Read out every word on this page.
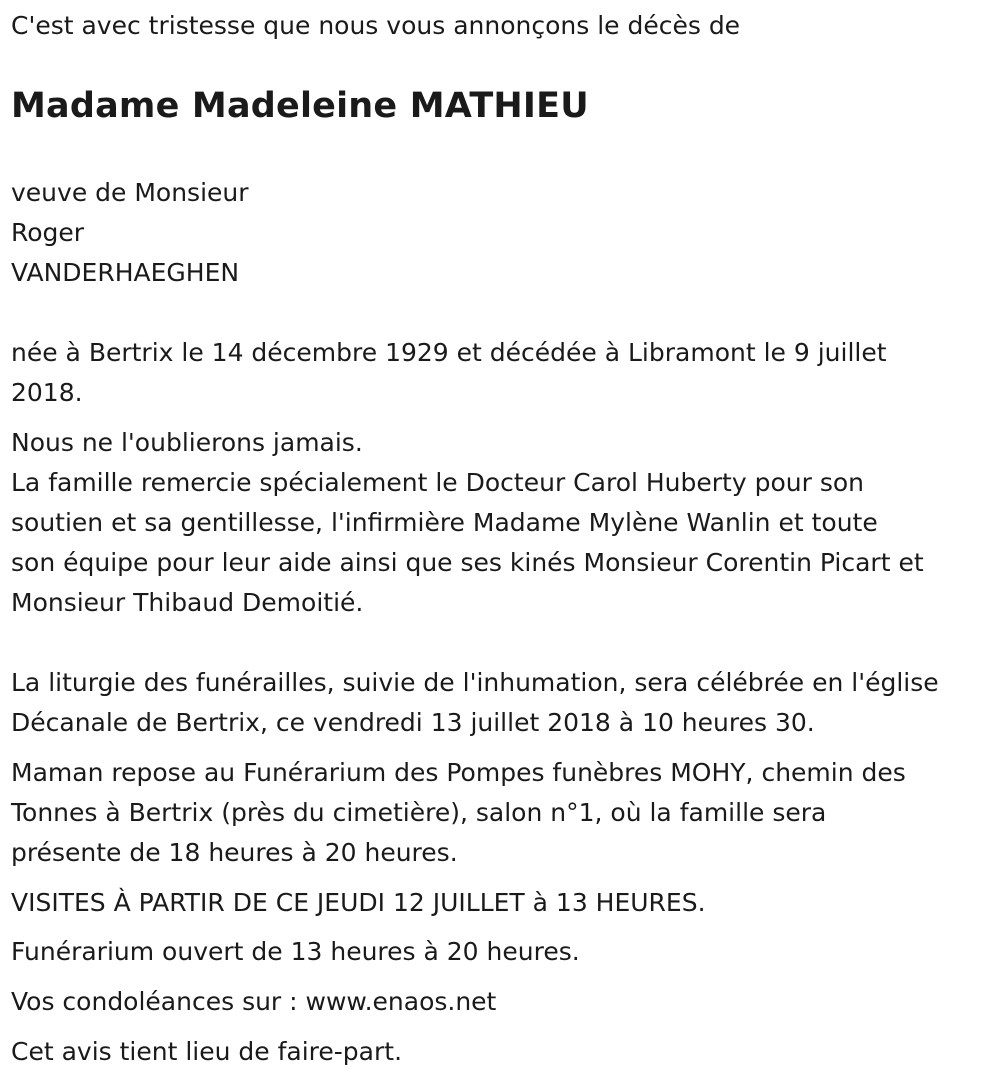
C'est avec tristesse que nous vous annonçons le décès de
Madame Madeleine MATHIEU
veuve de Monsieur
Roger
VANDERHAEGHEN
née à Bertrix le 14 décembre 1929 et décédée à Libramont le 9 juillet
2018.
Nous ne l'oublierons jamais.
La famille remercie spécialement le Docteur Carol Huberty pour son
soutien et sa gentillesse, l'infirmière Madame Mylène Wanlin et toute
son équipe pour leur aide ainsi que ses kinés Monsieur Corentin Picart et
Monsieur Thibaud Demoitié.
La liturgie des funérailles, suivie de l'inhumation, sera célébrée en l'église
Décanale de Bertrix, ce vendredi 13 juillet 2018 à 10 heures 30.
Maman repose au Funérarium des Pompes funèbres MOHY, chemin des
Tonnes à Bertrix (près du cimetière), salon n°1, où la famille sera
présente de 18 heures à 20 heures.
VISITES À PARTIR DE CE JEUDI 12 JUILLET à 13 HEURES.
Funérarium ouvert de 13 heures à 20 heures.
Vos condoléances sur : www.enaos.net
Cet avis tient lieu de faire-part.
